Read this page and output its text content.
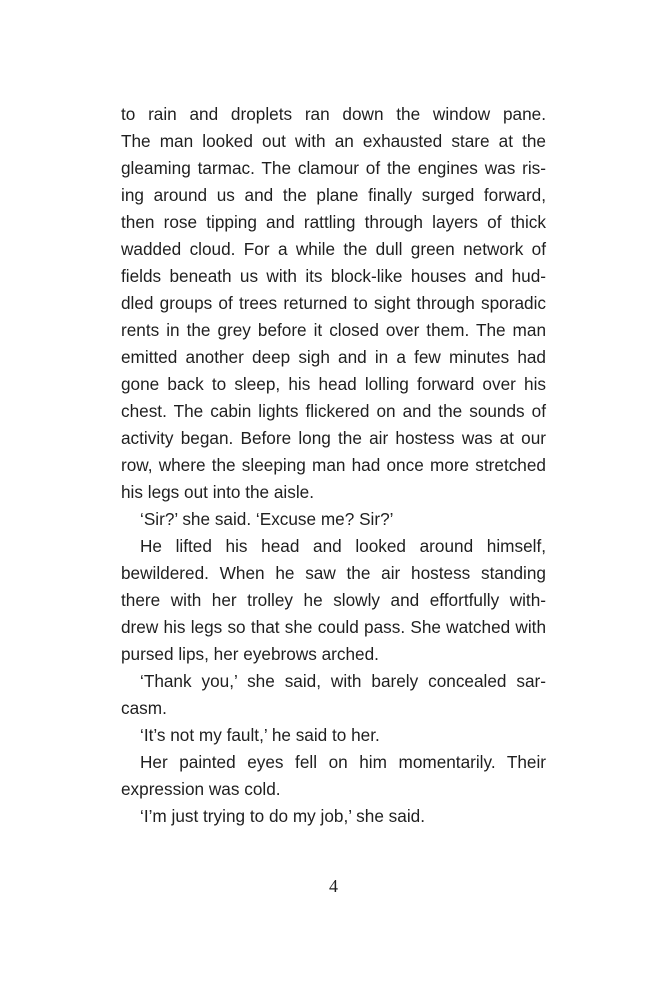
to rain and droplets ran down the window pane.
The man looked out with an exhausted stare at the
gleaming tarmac. The clamour of the engines was ris-
ing around us and the plane finally surged forward,
then rose tipping and rattling through layers of thick
wadded cloud. For a while the dull green network of
fields beneath us with its block-like houses and hud-
dled groups of trees returned to sight through sporadic
rents in the grey before it closed over them. The man
emitted another deep sigh and in a few minutes had
gone back to sleep, his head lolling forward over his
chest. The cabin lights flickered on and the sounds of
activity began. Before long the air hostess was at our
row, where the sleeping man had once more stretched
his legs out into the aisle.

‘Sir?’ she said. ‘Excuse me? Sir?’

He lifted his head and looked around himself,
bewildered. When he saw the air hostess standing
there with her trolley he slowly and effortfully with-
drew his legs so that she could pass. She watched with
pursed lips, her eyebrows arched.

‘Thank you,’ she said, with barely concealed sar-
casm.

‘It’s not my fault,’ he said to her.

Her painted eyes fell on him momentarily. Their
expression was cold.

‘I’m just trying to do my job,’ she said.

4
